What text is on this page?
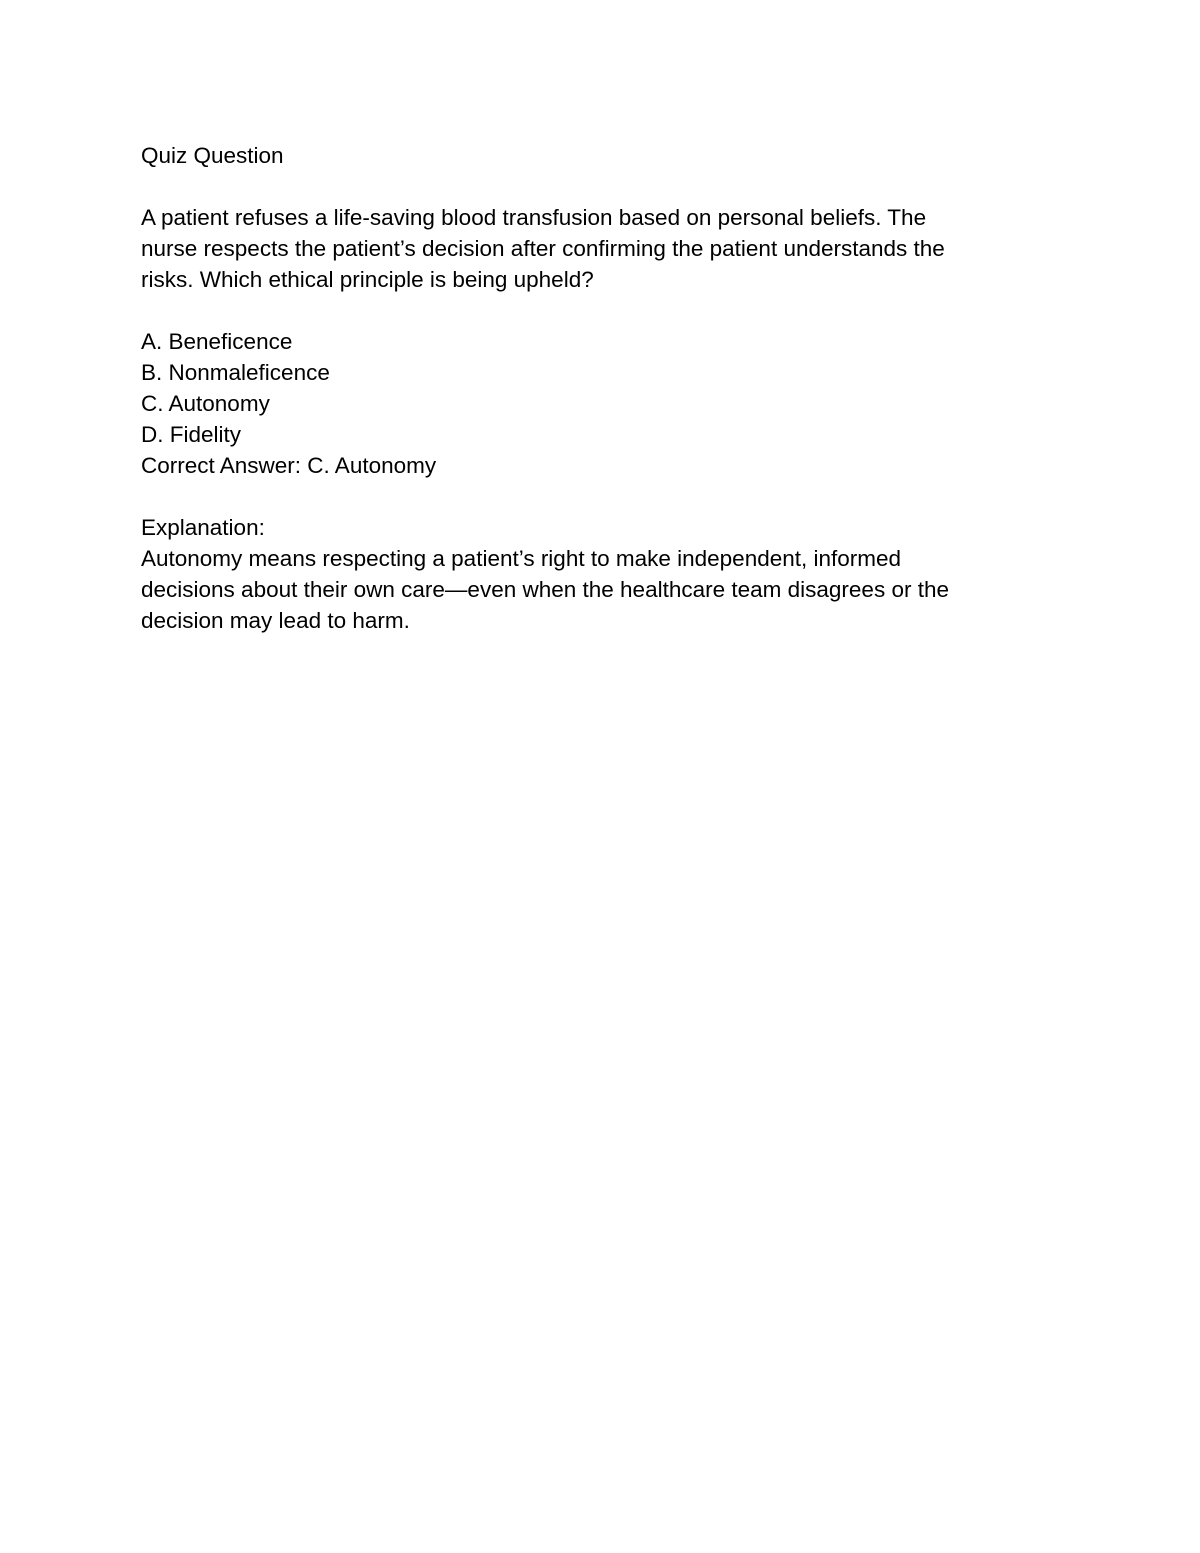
Quiz Question
A patient refuses a life-saving blood transfusion based on personal beliefs. The
nurse respects the patient’s decision after confirming the patient understands the
risks. Which ethical principle is being upheld?
A. Beneficence
B. Nonmaleficence
C. Autonomy
D. Fidelity
Correct Answer: C. Autonomy
Explanation:
Autonomy means respecting a patient’s right to make independent, informed
decisions about their own care—even when the healthcare team disagrees or the
decision may lead to harm.
